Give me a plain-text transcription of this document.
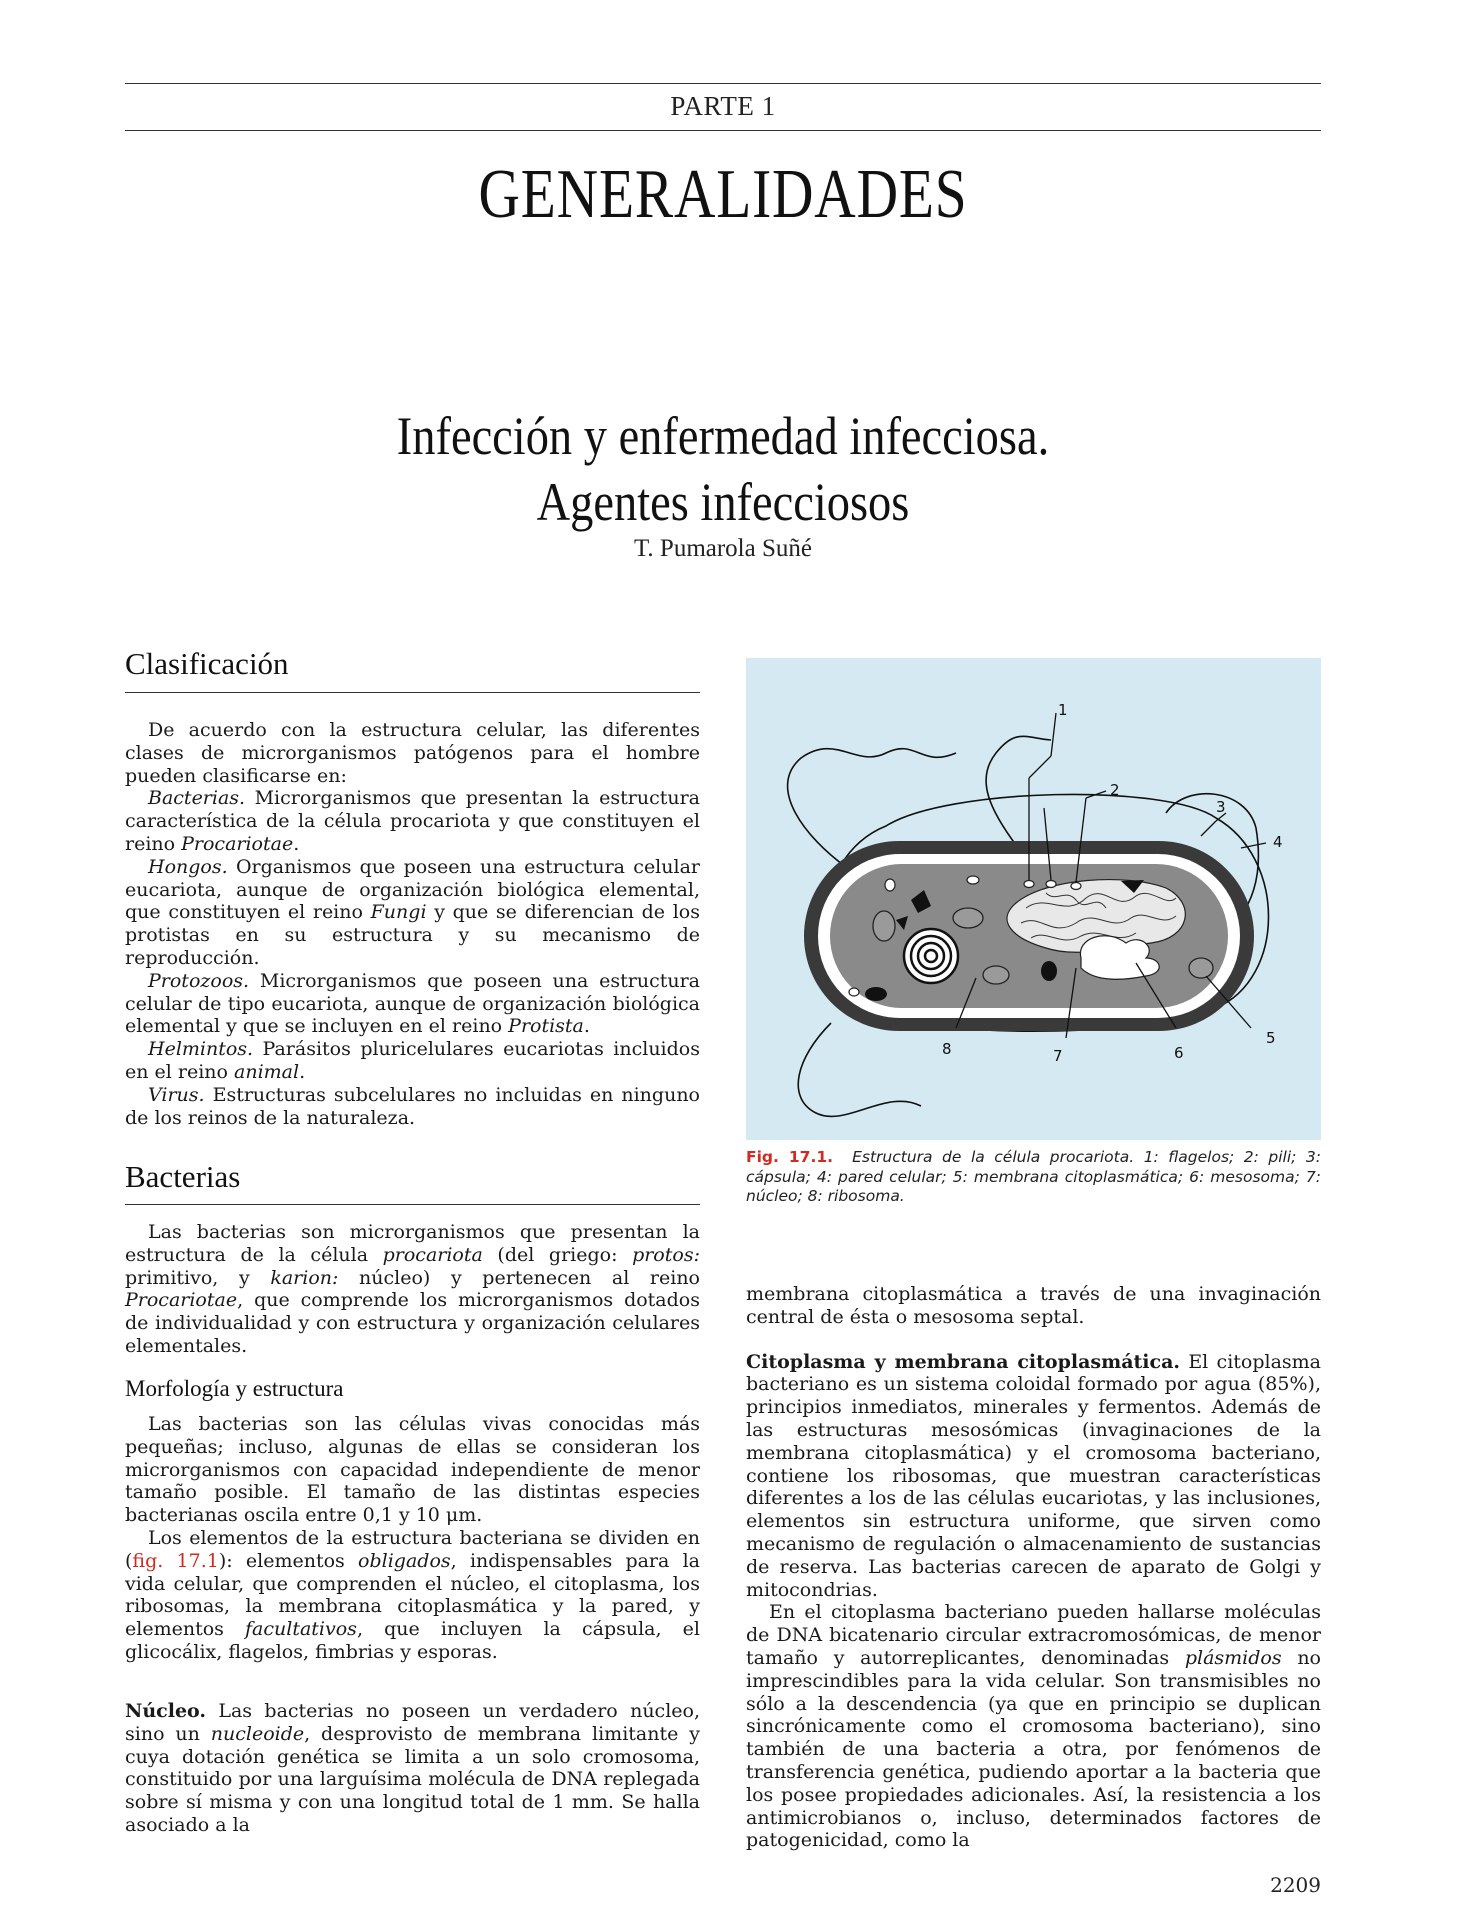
PARTE 1
GENERALIDADES
Infección y enfermedad infecciosa.
Agentes infecciosos
T. Pumarola Suñé
Clasificación

De acuerdo con la estructura celular, las diferentes clases de microrganismos patógenos para el hombre pueden clasificarse en:

Bacterias. Microrganismos que presentan la estructura característica de la célula procariota y que constituyen el reino Procariotae.

Hongos. Organismos que poseen una estructura celular eucariota, aunque de organización biológica elemental, que constituyen el reino Fungi y que se diferencian de los protistas en su estructura y su mecanismo de reproducción.

Protozoos. Microrganismos que poseen una estructura celular de tipo eucariota, aunque de organización biológica elemental y que se incluyen en el reino Protista.

Helmintos. Parásitos pluricelulares eucariotas incluidos en el reino animal.

Virus. Estructuras subcelulares no incluidas en ninguno de los reinos de la naturaleza.

Bacterias

Las bacterias son microrganismos que presentan la estructura de la célula procariota (del griego: protos: primitivo, y karion: núcleo) y pertenecen al reino Procariotae, que comprende los microrganismos dotados de individualidad y con estructura y organización celulares elementales.

Morfología y estructura

Las bacterias son las células vivas conocidas más pequeñas; incluso, algunas de ellas se consideran los microrganismos con capacidad independiente de menor tamaño posible. El tamaño de las distintas especies bacterianas oscila entre 0,1 y 10 μm.

Los elementos de la estructura bacteriana se dividen en (fig. 17.1): elementos obligados, indispensables para la vida celular, que comprenden el núcleo, el citoplasma, los ribosomas, la membrana citoplasmática y la pared, y elementos facultativos, que incluyen la cápsula, el glicocálix, flagelos, fimbrias y esporas.

Núcleo. Las bacterias no poseen un verdadero núcleo, sino un nucleoide, desprovisto de membrana limitante y cuya dotación genética se limita a un solo cromosoma, constituido por una larguísima molécula de DNA replegada sobre sí misma y con una longitud total de 1 mm. Se halla asociado a la

1
2
3
4
5
6
7
8
Fig. 17.1. Estructura de la célula procariota. 1: flagelos; 2: pili; 3: cápsula; 4: pared celular; 5: membrana citoplasmática; 6: mesosoma; 7: núcleo; 8: ribosoma.

membrana citoplasmática a través de una invaginación central de ésta o mesosoma septal.

Citoplasma y membrana citoplasmática. El citoplasma bacteriano es un sistema coloidal formado por agua (85%), principios inmediatos, minerales y fermentos. Además de las estructuras mesosómicas (invaginaciones de la membrana citoplasmática) y el cromosoma bacteriano, contiene los ribosomas, que muestran características diferentes a los de las células eucariotas, y las inclusiones, elementos sin estructura uniforme, que sirven como mecanismo de regulación o almacenamiento de sustancias de reserva. Las bacterias carecen de aparato de Golgi y mitocondrias.

En el citoplasma bacteriano pueden hallarse moléculas de DNA bicatenario circular extracromosómicas, de menor tamaño y autorreplicantes, denominadas plásmidos no imprescindibles para la vida celular. Son transmisibles no sólo a la descendencia (ya que en principio se duplican sincrónicamente como el cromosoma bacteriano), sino también de una bacteria a otra, por fenómenos de transferencia genética, pudiendo aportar a la bacteria que los posee propiedades adicionales. Así, la resistencia a los antimicrobianos o, incluso, determinados factores de patogenicidad, como la

2209
